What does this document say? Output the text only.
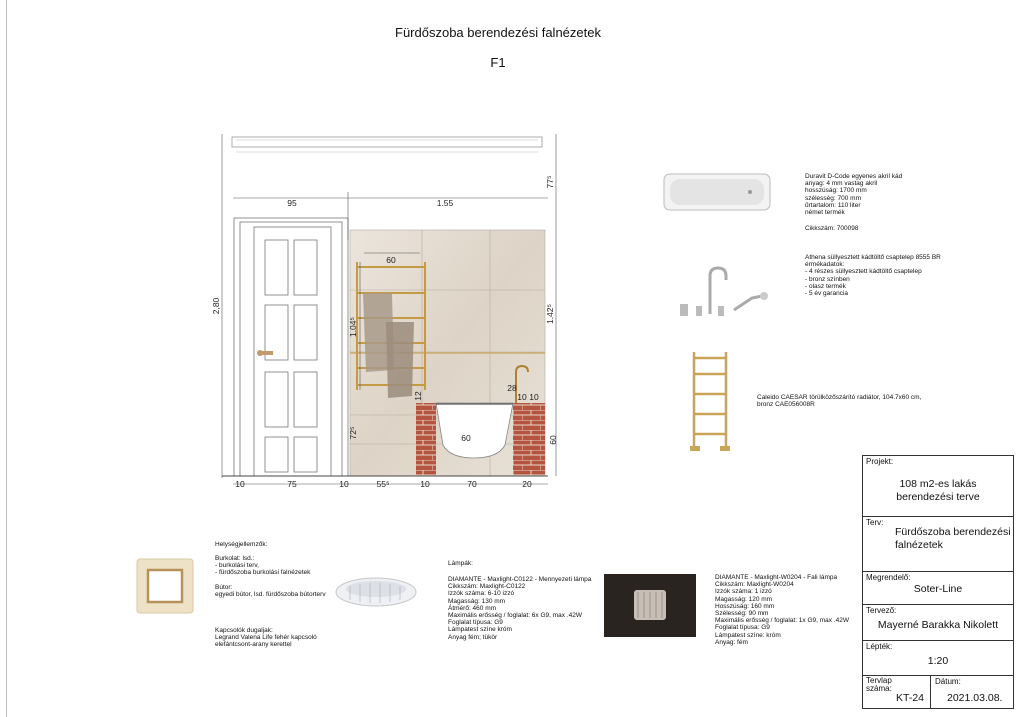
Fürdőszoba berendezési falnézetek
F1
95	1.55
60
60
28
10 10
10	75	10	55⁵	10	70	20
2,80
77⁵
1.42⁵
1.04⁵
12
60
72⁵
Duravit D-Code egyenes akril kád
anyag: 4 mm vastag akril
hosszúság: 1700 mm
szélesség: 700 mm
űrtartalom: 110 liter
német termék
Cikkszám: 700098
Athena süllyesztett kádtöltő csaptelep 8555 BR
érmékadatok:
- 4 részes süllyesztett kádtöltő csaptelep
- bronz színben
- olasz termék
- 5 év garancia
Caleido CAESAR törülközőszárító radiátor, 104.7x60 cm,
bronz CAE056008R
Helységjellemzők:
Burkolat: lsd.:
- burkolási terv,
- fürdőszoba burkolási falnézetek
Bútor:
egyedi bútor, lsd. fürdőszoba bútorterv
Kapcsolók dugaljak:
Legrand Valena Life fehér kapcsoló
elefántcsont-arany kerettel
Lámpák:
DIAMANTE - Maxlight-C0122 - Mennyezeti lámpa
Cikkszám: Maxlight-C0122
Izzók száma: 6-10 izzó
Magasság: 130 mm
Átmérő: 460 mm
Maximális erősség / foglalat: 6x G9, max .42W
Foglalat típusa: G9
Lámpatest színe króm
Anyag fém; tükör
DIAMANTE - Maxlight-W0204 - Fali lámpa
Cikkszám: Maxlight-W0204
Izzók száma: 1 izzó
Magasság: 120 mm
Hosszúság: 160 mm
Szélesség: 90 mm
Maximális erősség / foglalat: 1x G9, max .42W
Foglalat típusa: G9
Lámpatest színe: króm
Anyag: fém
Projekt:
108 m2-es lakás
berendezési terve
Terv:
Fürdőszoba berendezési
falnézetek
Megrendelő:
Soter-Line
Tervező:
Mayerné Barakka Nikolett
Lépték:
1:20
Tervlap
száma:
KT-24
Dátum:
2021.03.08.
